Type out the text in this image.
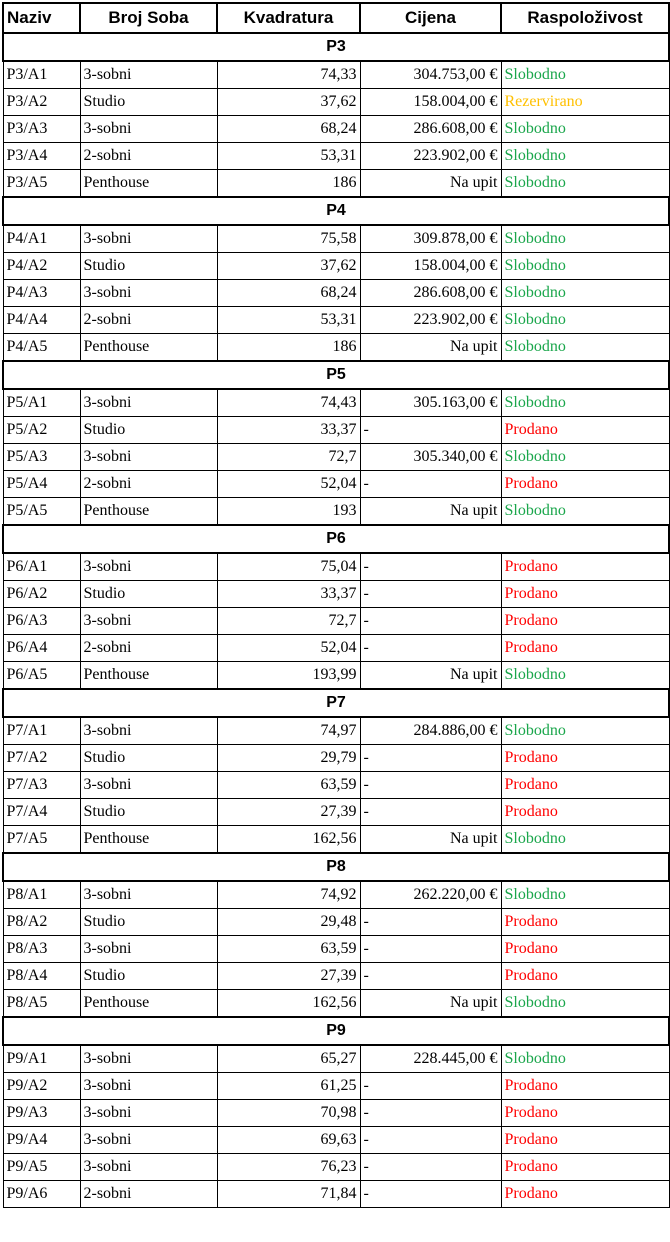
Naziv	Broj Soba	Kvadratura	Cijena	Raspoloživost
P3				
P3/A1	3-sobni	74,33	304.753,00 €	Slobodno
P3/A2	Studio	37,62	158.004,00 €	Rezervirano
P3/A3	3-sobni	68,24	286.608,00 €	Slobodno
P3/A4	2-sobni	53,31	223.902,00 €	Slobodno
P3/A5	Penthouse	186	Na upit	Slobodno
P4				
P4/A1	3-sobni	75,58	309.878,00 €	Slobodno
P4/A2	Studio	37,62	158.004,00 €	Slobodno
P4/A3	3-sobni	68,24	286.608,00 €	Slobodno
P4/A4	2-sobni	53,31	223.902,00 €	Slobodno
P4/A5	Penthouse	186	Na upit	Slobodno
P5				
P5/A1	3-sobni	74,43	305.163,00 €	Slobodno
P5/A2	Studio	33,37	-	Prodano
P5/A3	3-sobni	72,7	305.340,00 €	Slobodno
P5/A4	2-sobni	52,04	-	Prodano
P5/A5	Penthouse	193	Na upit	Slobodno
P6				
P6/A1	3-sobni	75,04	-	Prodano
P6/A2	Studio	33,37	-	Prodano
P6/A3	3-sobni	72,7	-	Prodano
P6/A4	2-sobni	52,04	-	Prodano
P6/A5	Penthouse	193,99	Na upit	Slobodno
P7				
P7/A1	3-sobni	74,97	284.886,00 €	Slobodno
P7/A2	Studio	29,79	-	Prodano
P7/A3	3-sobni	63,59	-	Prodano
P7/A4	Studio	27,39	-	Prodano
P7/A5	Penthouse	162,56	Na upit	Slobodno
P8				
P8/A1	3-sobni	74,92	262.220,00 €	Slobodno
P8/A2	Studio	29,48	-	Prodano
P8/A3	3-sobni	63,59	-	Prodano
P8/A4	Studio	27,39	-	Prodano
P8/A5	Penthouse	162,56	Na upit	Slobodno
P9				
P9/A1	3-sobni	65,27	228.445,00 €	Slobodno
P9/A2	3-sobni	61,25	-	Prodano
P9/A3	3-sobni	70,98	-	Prodano
P9/A4	3-sobni	69,63	-	Prodano
P9/A5	3-sobni	76,23	-	Prodano
P9/A6	2-sobni	71,84	-	Prodano
